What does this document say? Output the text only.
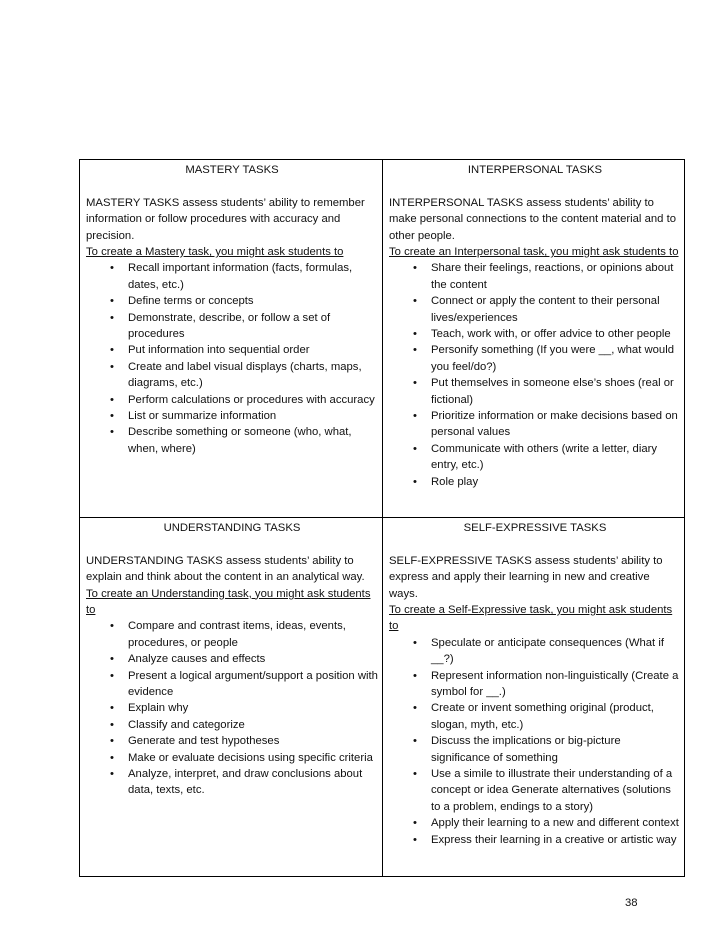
MASTERY TASKS

MASTERY TASKS assess students’ ability to remember information or follow procedures with accuracy and precision.

To create a Mastery task, you might ask students to

•	Recall important information (facts, formulas, dates, etc.)
•	Define terms or concepts
•	Demonstrate, describe, or follow a set of procedures
•	Put information into sequential order
•	Create and label visual displays (charts, maps, diagrams, etc.)
•	Perform calculations or procedures with accuracy
•	List or summarize information
•	Describe something or someone (who, what, when, where)

INTERPERSONAL TASKS

INTERPERSONAL TASKS assess students’ ability to make personal connections to the content material and to other people.

To create an Interpersonal task, you might ask students to

•	Share their feelings, reactions, or opinions about the content
•	Connect or apply the content to their personal lives/experiences
•	Teach, work with, or offer advice to other people
•	Personify something (If you were __, what would you feel/do?)
•	Put themselves in someone else’s shoes (real or fictional)
•	Prioritize information or make decisions based on personal values
•	Communicate with others (write a letter, diary entry, etc.)
•	Role play

UNDERSTANDING TASKS

UNDERSTANDING TASKS assess students’ ability to explain and think about the content in an analytical way.

To create an Understanding task, you might ask students to

•	Compare and contrast items, ideas, events, procedures, or people
•	Analyze causes and effects
•	Present a logical argument/support a position with evidence
•	Explain why
•	Classify and categorize
•	Generate and test hypotheses
•	Make or evaluate decisions using specific criteria
•	Analyze, interpret, and draw conclusions about data, texts, etc.

SELF-EXPRESSIVE TASKS

SELF-EXPRESSIVE TASKS assess students’ ability to express and apply their learning in new and creative ways.

To create a Self-Expressive task, you might ask students to

•	Speculate or anticipate consequences (What if __?)
•	Represent information non-linguistically (Create a symbol for __.)
•	Create or invent something original (product, slogan, myth, etc.)
•	Discuss the implications or big-picture significance of something
•	Use a simile to illustrate their understanding of a concept or idea Generate alternatives (solutions to a problem, endings to a story)
•	Apply their learning to a new and different context
•	Express their learning in a creative or artistic way
38
